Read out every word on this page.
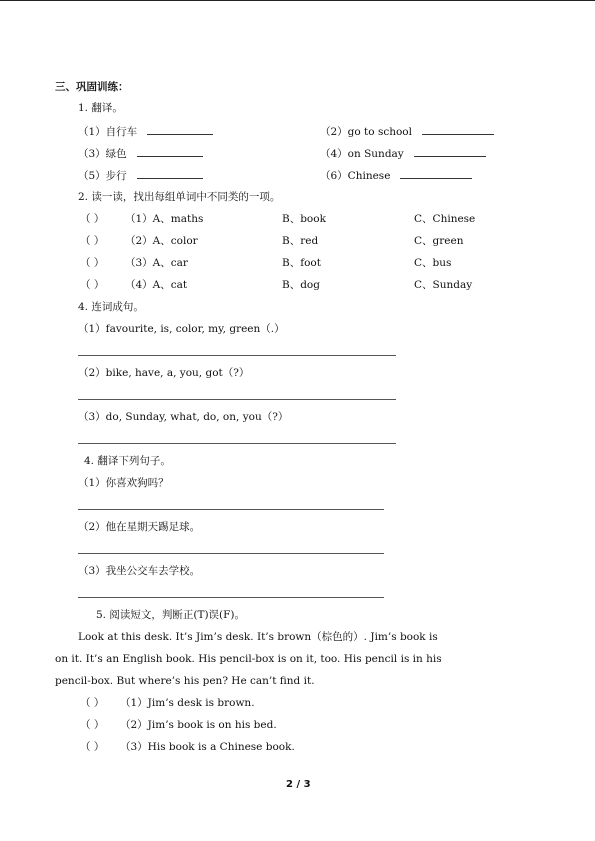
三、巩固训练：
1. 翻译。
（1）自行车	（2）go to school
（3）绿色	（4）on Sunday
（5）步行	（6）Chinese
2. 读一读，找出每组单词中不同类的一项。
（ ） （1）A、maths	B、book	C、Chinese
（ ） （2）A、color	B、red	C、green
（ ） （3）A、car	B、foot	C、bus
（ ） （4）A、cat	B、dog	C、Sunday
4. 连词成句。
（1）favourite, is, color, my, green（.）
（2）bike, have, a, you, got（?）
（3）do, Sunday, what, do, on, you（?）
4. 翻译下列句子。
（1）你喜欢狗吗？
（2）他在星期天踢足球。
（3）我坐公交车去学校。
5. 阅读短文，判断正(T)误(F)。
Look at this desk. It’s Jim’s desk. It’s brown（棕色的）. Jim’s book is
on it. It’s an English book. His pencil-box is on it, too. His pencil is in his
pencil-box. But where’s his pen? He can’t find it.
（ ） （1）Jim’s desk is brown.
（ ） （2）Jim’s book is on his bed.
（ ） （3）His book is a Chinese book.
2 / 3
